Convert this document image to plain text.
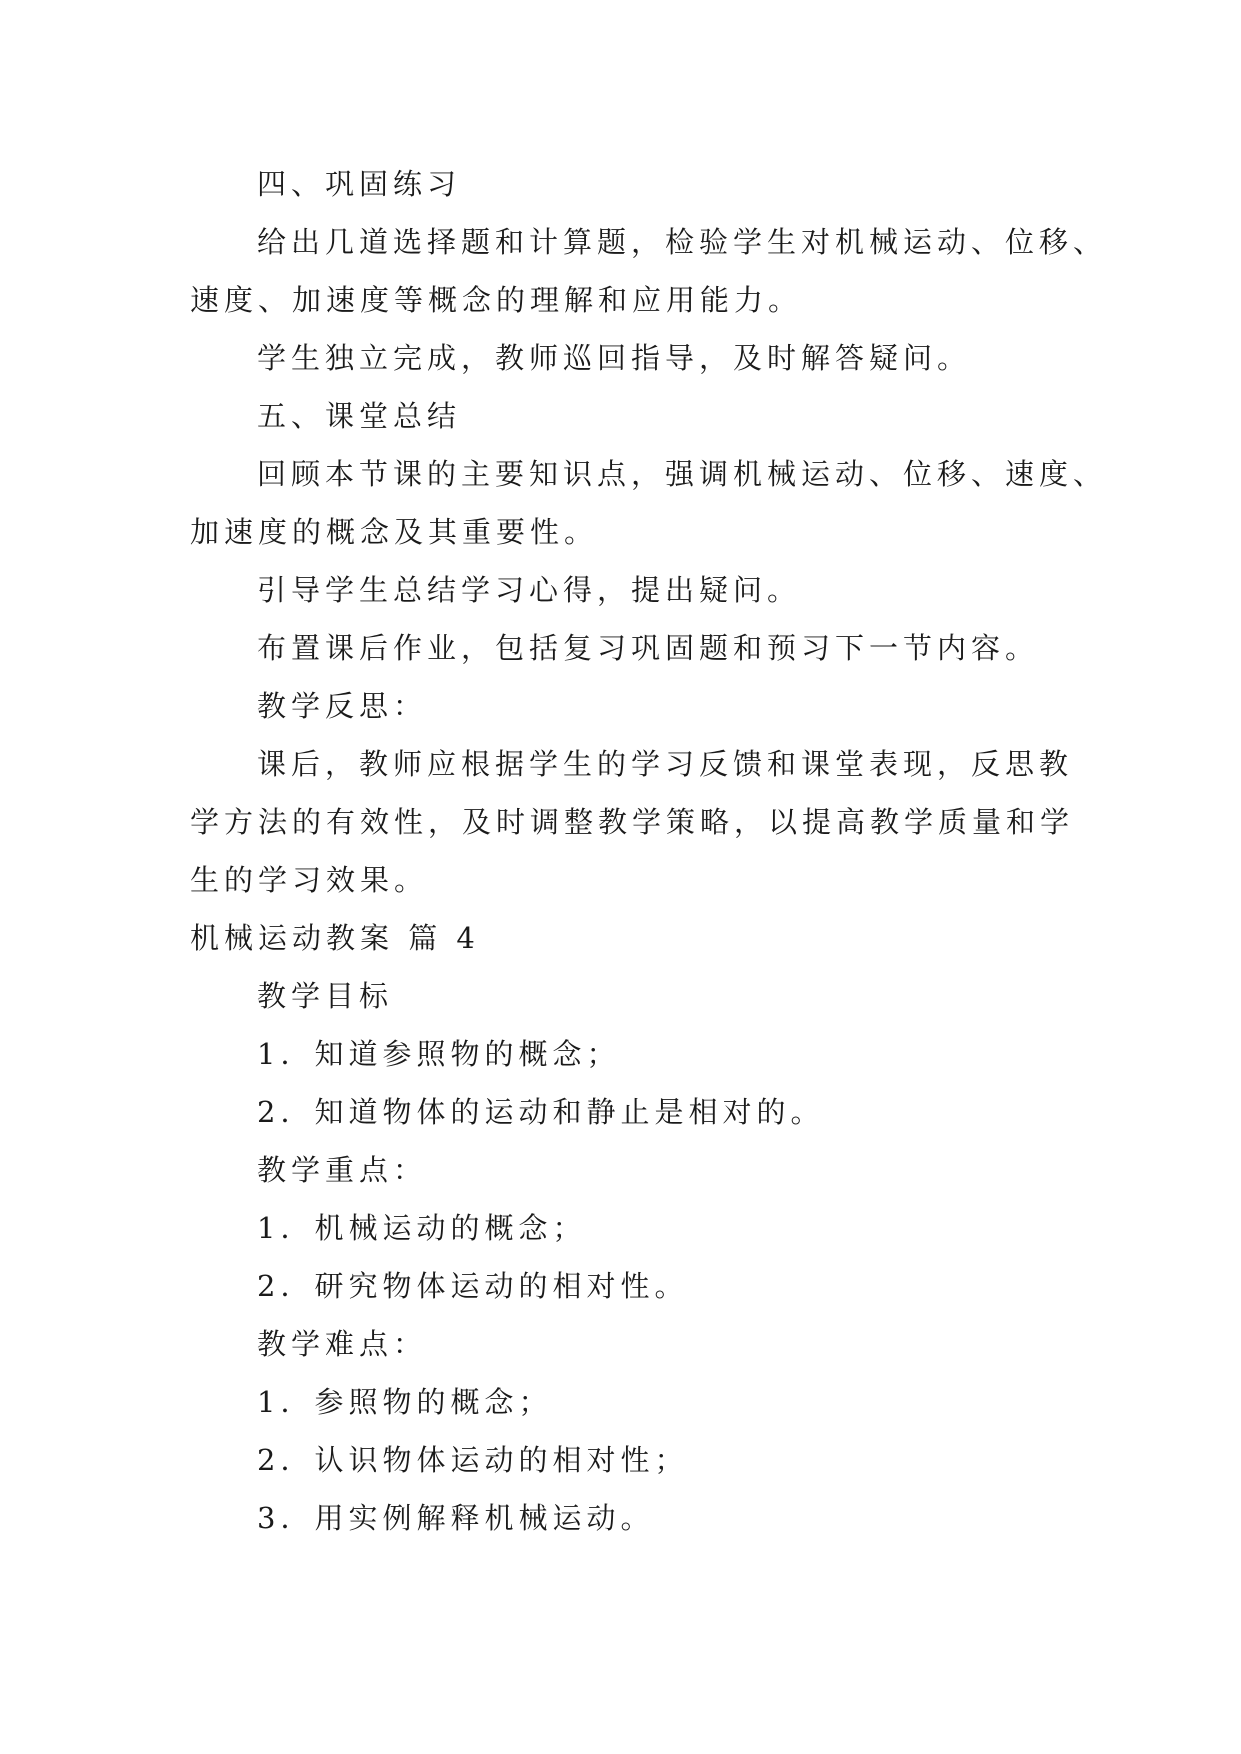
四、巩固练习
给出几道选择题和计算题，检验学生对机械运动、位移、
速度、加速度等概念的理解和应用能力。
学生独立完成，教师巡回指导，及时解答疑问。
五、课堂总结
回顾本节课的主要知识点，强调机械运动、位移、速度、
加速度的概念及其重要性。
引导学生总结学习心得，提出疑问。
布置课后作业，包括复习巩固题和预习下一节内容。
教学反思：
课后，教师应根据学生的学习反馈和课堂表现，反思教
学方法的有效性，及时调整教学策略，以提高教学质量和学
生的学习效果。
机械运动教案 篇 4
教学目标
1．知道参照物的概念；
2．知道物体的运动和静止是相对的。
教学重点：
1．机械运动的概念；
2．研究物体运动的相对性。
教学难点：
1．参照物的概念；
2．认识物体运动的相对性；
3．用实例解释机械运动。
